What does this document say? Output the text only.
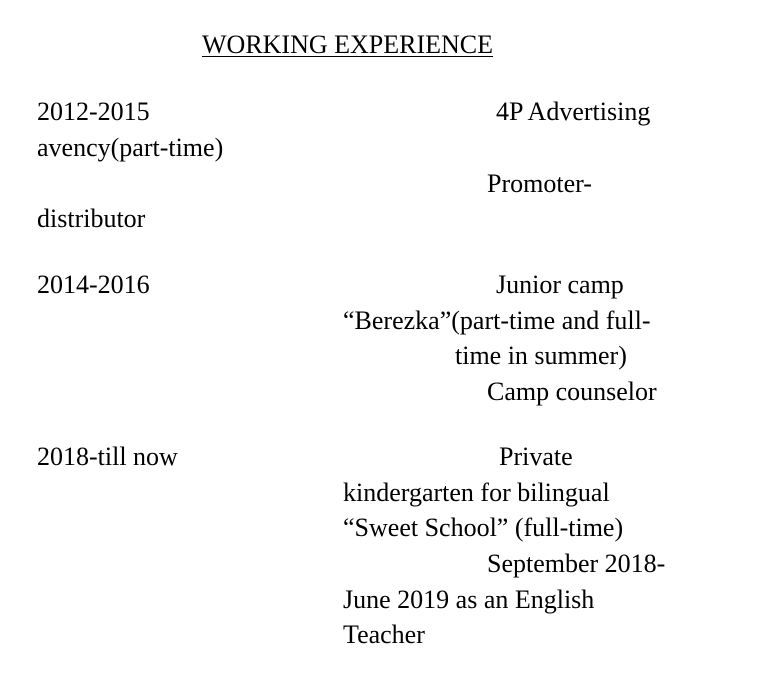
WORKING EXPERIENCE
2012-2015	4P Advertising
avency(part-time)
Promoter-
distributor
2014-2016	Junior camp
“Berezka”(part-time and full-
time in summer)
Camp counselor
2018-till now	Private
kindergarten for bilingual
“Sweet School” (full-time)
September 2018-
June 2019 as an English
Teacher
